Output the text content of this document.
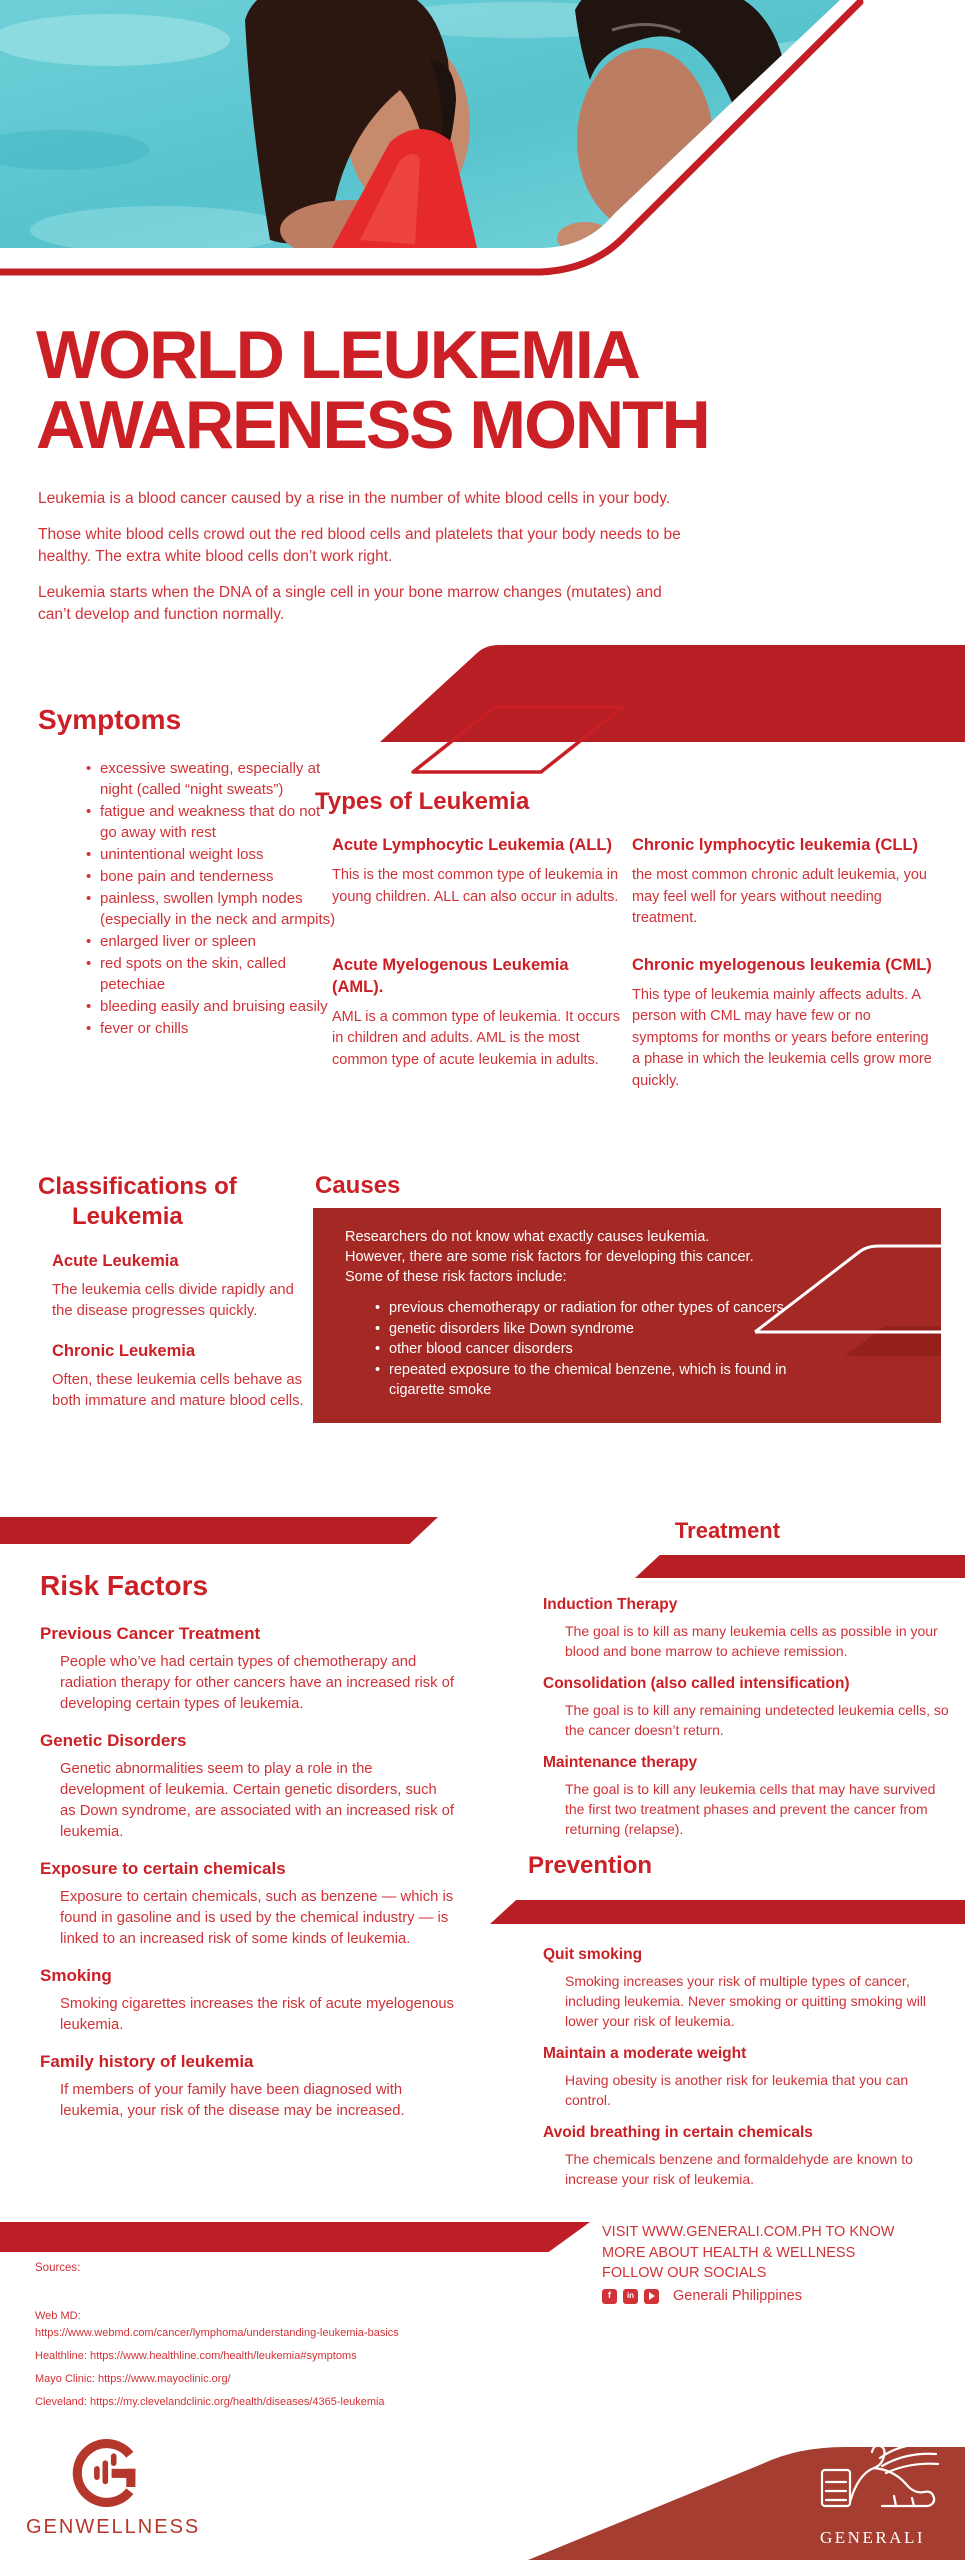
WORLD LEUKEMIA
AWARENESS MONTH

Leukemia is a blood cancer caused by a rise in the number of white blood cells in your body.

Those white blood cells crowd out the red blood cells and platelets that your body needs to be healthy. The extra white blood cells don’t work right.

Leukemia starts when the DNA of a single cell in your bone marrow changes (mutates) and can’t develop and function normally.

Symptoms
• excessive sweating, especially at night (called “night sweats”)
• fatigue and weakness that do not go away with rest
• unintentional weight loss
• bone pain and tenderness
• painless, swollen lymph nodes (especially in the neck and armpits)
• enlarged liver or spleen
• red spots on the skin, called petechiae
• bleeding easily and bruising easily
• fever or chills
Types of Leukemia
Acute Lymphocytic Leukemia (ALL)

This is the most common type of leukemia in young children. ALL can also occur in adults.

Chronic lymphocytic leukemia (CLL)

the most common chronic adult leukemia, you may feel well for years without needing treatment.

Acute Myelogenous Leukemia (AML).

AML is a common type of leukemia. It occurs in children and adults. AML is the most common type of acute leukemia in adults.

Chronic myelogenous leukemia (CML)

This type of leukemia mainly affects adults. A person with CML may have few or no symptoms for months or years before entering a phase in which the leukemia cells grow more quickly.

Classifications of
Leukemia
Acute Leukemia

The leukemia cells divide rapidly and the disease progresses quickly.

Chronic Leukemia

Often, these leukemia cells behave as both immature and mature blood cells.

Causes
Researchers do not know what exactly causes leukemia. However, there are some risk factors for developing this cancer. Some of these risk factors include:
• previous chemotherapy or radiation for other types of cancers
• genetic disorders like Down syndrome
• other blood cancer disorders
• repeated exposure to the chemical benzene, which is found in cigarette smoke
Risk Factors
Previous Cancer Treatment

People who’ve had certain types of chemotherapy and radiation therapy for other cancers have an increased risk of developing certain types of leukemia.

Genetic Disorders

Genetic abnormalities seem to play a role in the development of leukemia. Certain genetic disorders, such as Down syndrome, are associated with an increased risk of leukemia.

Exposure to certain chemicals

Exposure to certain chemicals, such as benzene — which is found in gasoline and is used by the chemical industry — is linked to an increased risk of some kinds of leukemia.

Smoking

Smoking cigarettes increases the risk of acute myelogenous leukemia.

Family history of leukemia

If members of your family have been diagnosed with leukemia, your risk of the disease may be increased.

Treatment
Induction Therapy

The goal is to kill as many leukemia cells as possible in your blood and bone marrow to achieve remission.

Consolidation (also called intensification)

The goal is to kill any remaining undetected leukemia cells, so the cancer doesn’t return.

Maintenance therapy

The goal is to kill any leukemia cells that may have survived the first two treatment phases and prevent the cancer from returning (relapse).

Prevention
Quit smoking

Smoking increases your risk of multiple types of cancer, including leukemia. Never smoking or quitting smoking will lower your risk of leukemia.

Maintain a moderate weight

Having obesity is another risk for leukemia that you can control.

Avoid breathing in certain chemicals

The chemicals benzene and formaldehyde are known to increase your risk of leukemia.

VISIT WWW.GENERALI.COM.PH TO KNOW
MORE ABOUT HEALTH & WELLNESS
FOLLOW OUR SOCIALS
f	in	Generali Philippines
Sources:
Web MD:
https://www.webmd.com/cancer/lymphoma/understanding-leukemia-basics
Healthline: https://www.healthline.com/health/leukemia#symptoms
Mayo Clinic: https://www.mayoclinic.org/
Cleveland: https://my.clevelandclinic.org/health/diseases/4365-leukemia
GENWELLNESS	GENERALI
